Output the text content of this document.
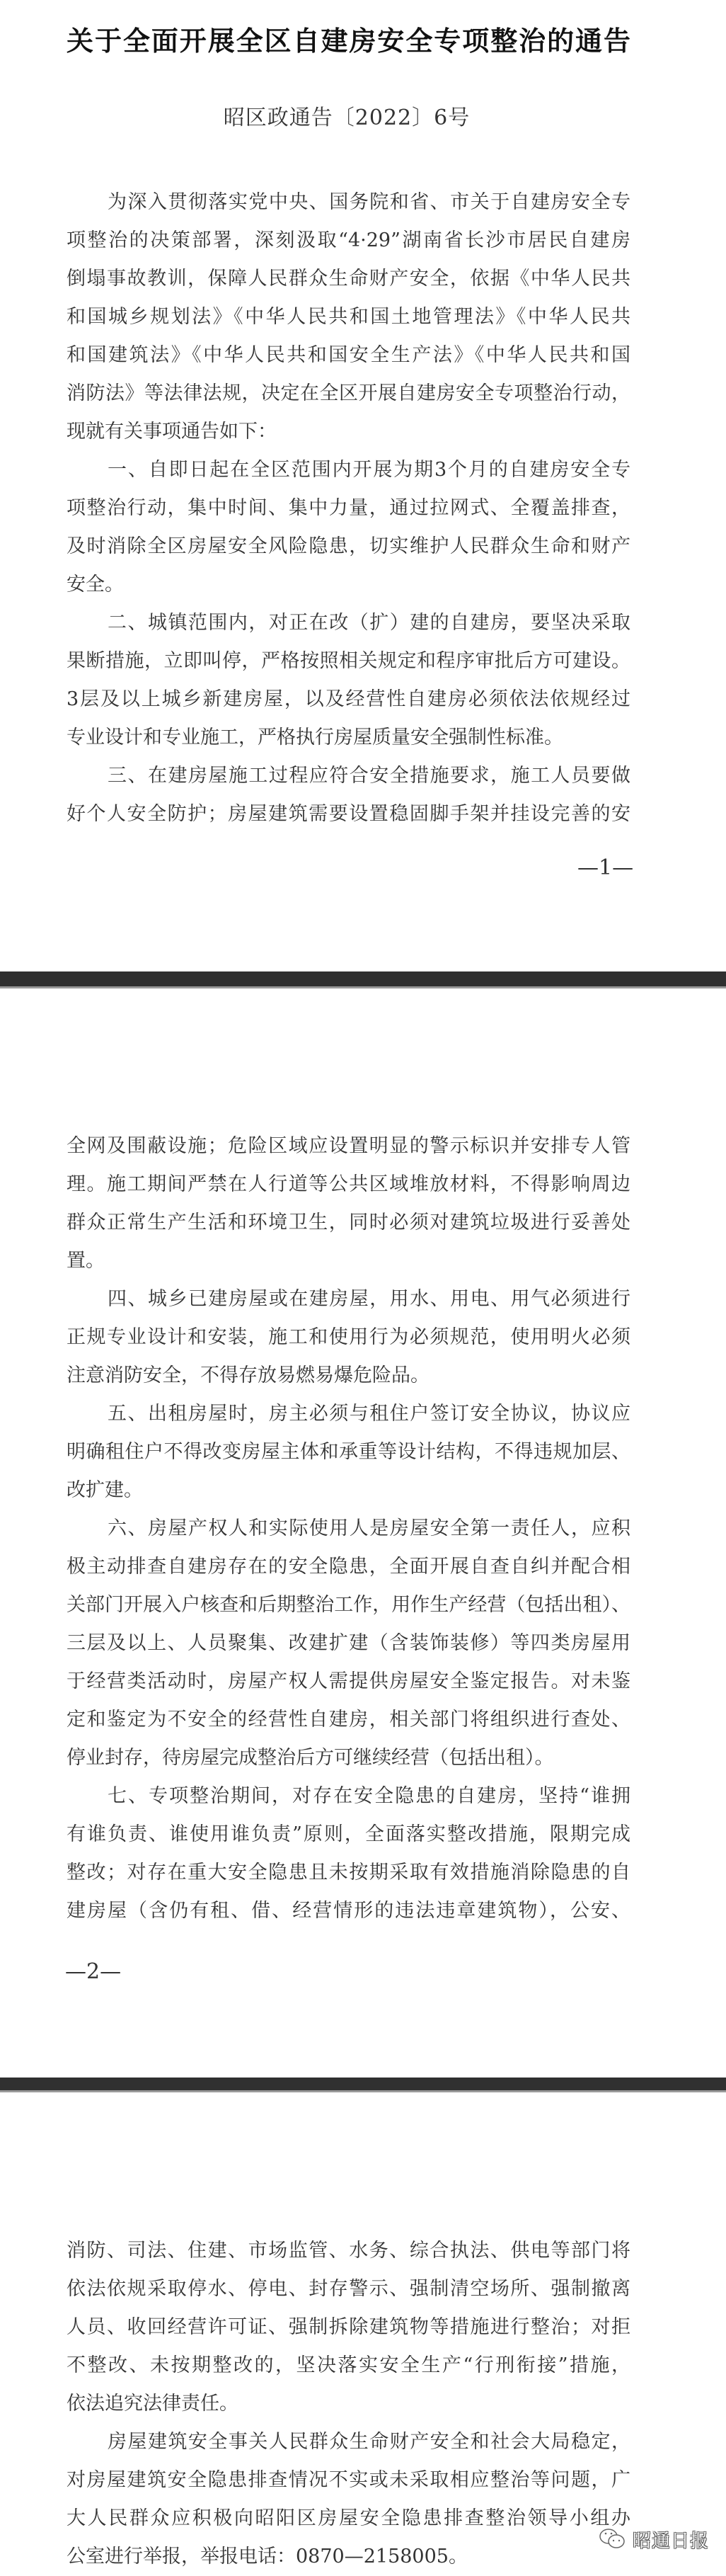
关于全面开展全区自建房安全专项整治的通告
昭区政通告〔2022〕6号
为深入贯彻落实党中央、国务院和省、市关于自建房安全专
项整治的决策部署，深刻汲取“4·29”湖南省长沙市居民自建房
倒塌事故教训，保障人民群众生命财产安全，依据《中华人民共
和国城乡规划法》《中华人民共和国土地管理法》《中华人民共
和国建筑法》《中华人民共和国安全生产法》《中华人民共和国
消防法》等法律法规，决定在全区开展自建房安全专项整治行动，
现就有关事项通告如下：
一、自即日起在全区范围内开展为期3个月的自建房安全专
项整治行动，集中时间、集中力量，通过拉网式、全覆盖排查，
及时消除全区房屋安全风险隐患，切实维护人民群众生命和财产
安全。
二、城镇范围内，对正在改（扩）建的自建房，要坚决采取
果断措施，立即叫停，严格按照相关规定和程序审批后方可建设。
3层及以上城乡新建房屋，以及经营性自建房必须依法依规经过
专业设计和专业施工，严格执行房屋质量安全强制性标准。
三、在建房屋施工过程应符合安全措施要求，施工人员要做
好个人安全防护；房屋建筑需要设置稳固脚手架并挂设完善的安
—1—
全网及围蔽设施；危险区域应设置明显的警示标识并安排专人管
理。施工期间严禁在人行道等公共区域堆放材料，不得影响周边
群众正常生产生活和环境卫生，同时必须对建筑垃圾进行妥善处
置。
四、城乡已建房屋或在建房屋，用水、用电、用气必须进行
正规专业设计和安装，施工和使用行为必须规范，使用明火必须
注意消防安全，不得存放易燃易爆危险品。
五、出租房屋时，房主必须与租住户签订安全协议，协议应
明确租住户不得改变房屋主体和承重等设计结构，不得违规加层、
改扩建。
六、房屋产权人和实际使用人是房屋安全第一责任人，应积
极主动排查自建房存在的安全隐患，全面开展自查自纠并配合相
关部门开展入户核查和后期整治工作，用作生产经营（包括出租）、
三层及以上、人员聚集、改建扩建（含装饰装修）等四类房屋用
于经营类活动时，房屋产权人需提供房屋安全鉴定报告。对未鉴
定和鉴定为不安全的经营性自建房，相关部门将组织进行查处、
停业封存，待房屋完成整治后方可继续经营（包括出租）。
七、专项整治期间，对存在安全隐患的自建房，坚持“谁拥
有谁负责、谁使用谁负责”原则，全面落实整改措施，限期完成
整改；对存在重大安全隐患且未按期采取有效措施消除隐患的自
建房屋（含仍有租、借、经营情形的违法违章建筑物），公安、
—2—
消防、司法、住建、市场监管、水务、综合执法、供电等部门将
依法依规采取停水、停电、封存警示、强制清空场所、强制撤离
人员、收回经营许可证、强制拆除建筑物等措施进行整治；对拒
不整改、未按期整改的，坚决落实安全生产“行刑衔接”措施，
依法追究法律责任。
房屋建筑安全事关人民群众生命财产安全和社会大局稳定，
对房屋建筑安全隐患排查情况不实或未采取相应整治等问题，广
大人民群众应积极向昭阳区房屋安全隐患排查整治领导小组办
公室进行举报，举报电话：0870—2158005。
昭通日报
